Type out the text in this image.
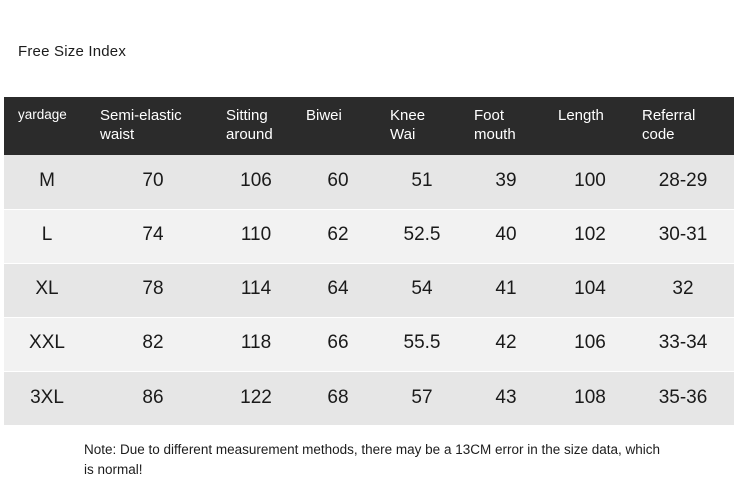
Free Size Index
yardage	Semi-elastic waist	Sitting around	Biwei	Knee Wai	Foot mouth	Length	Referral code
M	70	106	60	51	39	100	28-29
L	74	110	62	52.5	40	102	30-31
XL	78	114	64	54	41	104	32
XXL	82	118	66	55.5	42	106	33-34
3XL	86	122	68	57	43	108	35-36
Note: Due to different measurement methods, there may be a 13CM error in the size data, which is normal!
